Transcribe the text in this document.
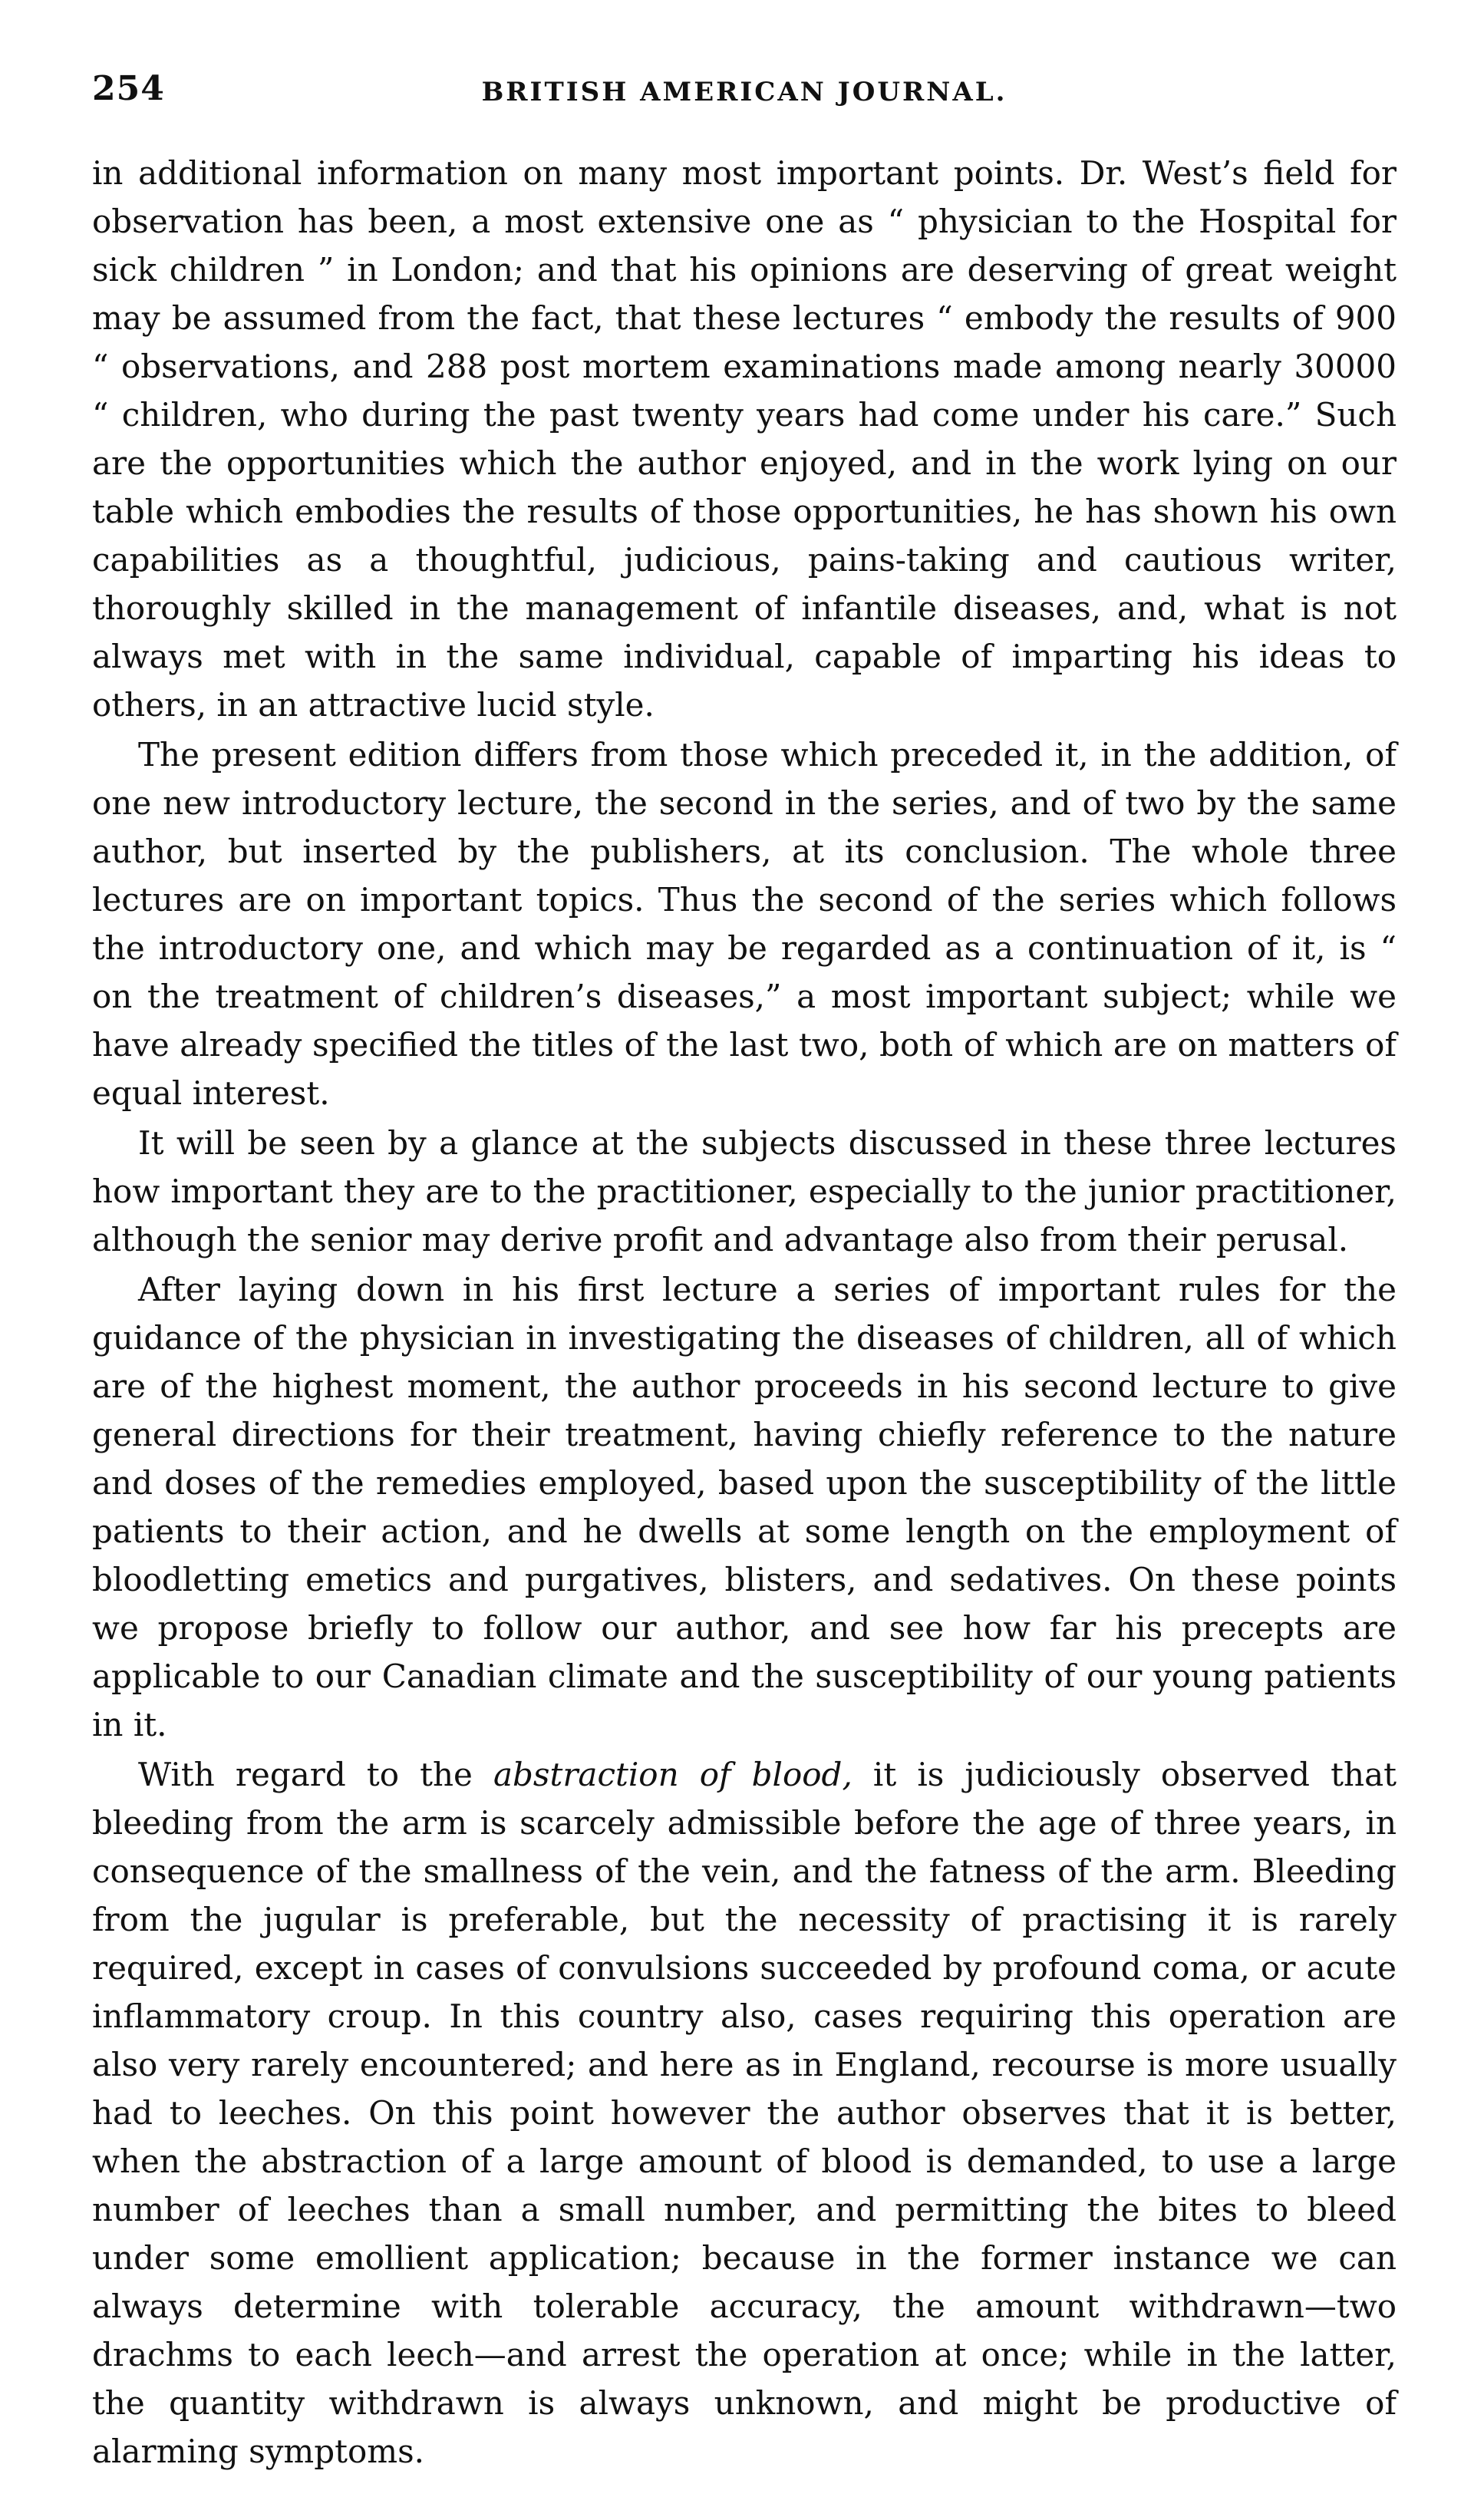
254	BRITISH AMERICAN JOURNAL.

in additional information on many most important points. Dr. West’s field for observation has been, a most extensive one as “ physician to the Hospital for sick children ” in London; and that his opinions are deserving of great weight may be assumed from the fact, that these lectures “ embody the results of 900 “ observations, and 288 post mortem examinations made among nearly 30000 “ children, who during the past twenty years had come under his care.” Such are the opportunities which the author enjoyed, and in the work lying on our table which embodies the results of those opportunities, he has shown his own capabilities as a thoughtful, judicious, pains-taking and cautious writer, thoroughly skilled in the management of infantile diseases, and, what is not always met with in the same individual, capable of imparting his ideas to others, in an attractive lucid style.

The present edition differs from those which preceded it, in the addition, of one new introductory lecture, the second in the series, and of two by the same author, but inserted by the publishers, at its conclusion. The whole three lectures are on important topics. Thus the second of the series which follows the introductory one, and which may be regarded as a continuation of it, is “ on the treatment of children’s diseases,” a most important subject; while we have already specified the titles of the last two, both of which are on matters of equal interest.

It will be seen by a glance at the subjects discussed in these three lectures how important they are to the practitioner, especially to the junior practitioner, although the senior may derive profit and advantage also from their perusal.

After laying down in his first lecture a series of important rules for the guidance of the physician in investigating the diseases of children, all of which are of the highest moment, the author proceeds in his second lecture to give general directions for their treatment, having chiefly reference to the nature and doses of the remedies employed, based upon the susceptibility of the little patients to their action, and he dwells at some length on the employment of bloodletting emetics and purgatives, blisters, and sedatives. On these points we propose briefly to follow our author, and see how far his precepts are applicable to our Canadian climate and the susceptibility of our young patients in it.

With regard to the abstraction of blood, it is judiciously observed that bleeding from the arm is scarcely admissible before the age of three years, in consequence of the smallness of the vein, and the fatness of the arm. Bleeding from the jugular is preferable, but the necessity of practising it is rarely required, except in cases of convulsions succeeded by profound coma, or acute inflammatory croup. In this country also, cases requiring this operation are also very rarely encountered; and here as in England, recourse is more usually had to leeches. On this point however the author observes that it is better, when the abstraction of a large amount of blood is demanded, to use a large number of leeches than a small number, and permitting the bites to bleed under some emollient application; because in the former instance we can always determine with tolerable accuracy, the amount withdrawn—two drachms to each leech—and arrest the operation at once; while in the latter, the quantity withdrawn is always unknown, and might be productive of alarming symptoms.
